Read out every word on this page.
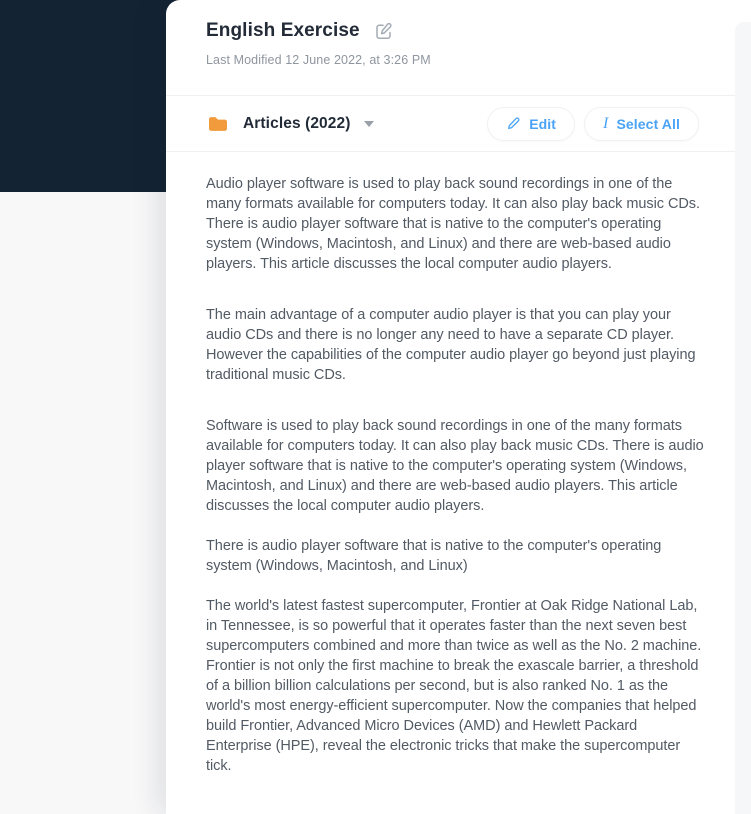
English Exercise
Last Modified 12 June 2022, at 3:26 PM
Articles (2022)	Edit	I Select All

Audio player software is used to play back sound recordings in one of the many formats available for computers today. It can also play back music CDs. There is audio player software that is native to the computer's operating system (Windows, Macintosh, and Linux) and there are web-based audio players. This article discusses the local computer audio players.

The main advantage of a computer audio player is that you can play your audio CDs and there is no longer any need to have a separate CD player. However the capabilities of the computer audio player go beyond just playing traditional music CDs.

Software is used to play back sound recordings in one of the many formats available for computers today. It can also play back music CDs. There is audio player software that is native to the computer's operating system (Windows, Macintosh, and Linux) and there are web-based audio players. This article discusses the local computer audio players.

There is audio player software that is native to the computer's operating system (Windows, Macintosh, and Linux)

The world's latest fastest supercomputer, Frontier at Oak Ridge National Lab, in Tennessee, is so powerful that it operates faster than the next seven best supercomputers combined and more than twice as well as the No. 2 machine. Frontier is not only the first machine to break the exascale barrier, a threshold of a billion billion calculations per second, but is also ranked No. 1 as the world's most energy-efficient supercomputer. Now the companies that helped build Frontier, Advanced Micro Devices (AMD) and Hewlett Packard Enterprise (HPE), reveal the electronic tricks that make the supercomputer tick.
